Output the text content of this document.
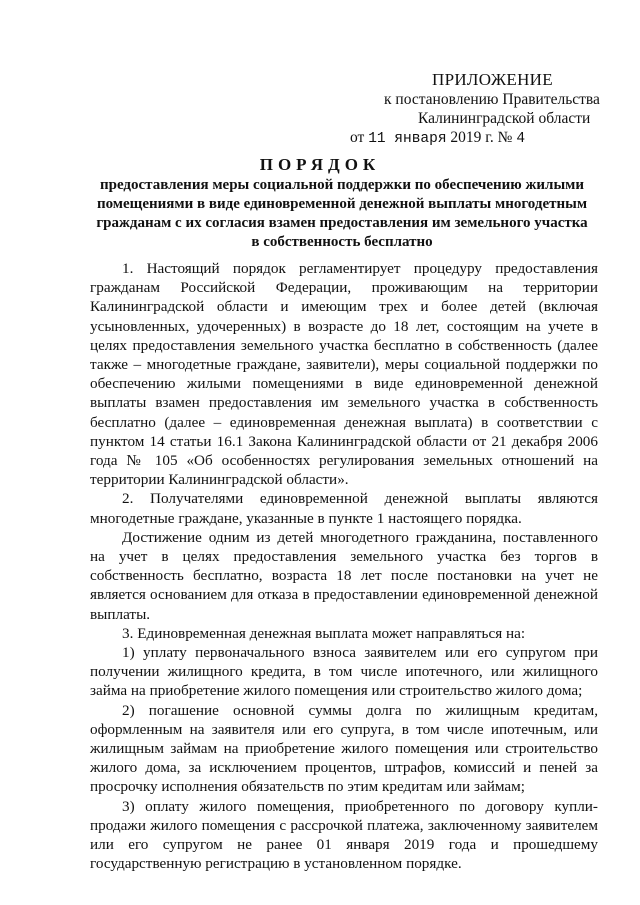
ПРИЛОЖЕНИЕ
к постановлению Правительства
Калининградской области
от 11 января 2019 г. № 4
ПОРЯДОК
предоставления меры социальной поддержки по обеспечению жилыми помещениями в виде единовременной денежной выплаты многодетным гражданам с их согласия взамен предоставления им земельного участка в собственность бесплатно

1. Настоящий порядок регламентирует процедуру предоставления гражданам Российской Федерации, проживающим на территории Калининградской области и имеющим трех и более детей (включая усыновленных, удочеренных) в возрасте до 18 лет, состоящим на учете в целях предоставления земельного участка бесплатно в собственность (далее также – многодетные граждане, заявители), меры социальной поддержки по обеспечению жилыми помещениями в виде единовременной денежной выплаты взамен предоставления им земельного участка в собственность бесплатно (далее – единовременная денежная выплата) в соответствии с пунктом 14 статьи 16.1 Закона Калининградской области от 21 декабря 2006 года № 105 «Об особенностях регулирования земельных отношений на территории Калининградской области».

2. Получателями единовременной денежной выплаты являются многодетные граждане, указанные в пункте 1 настоящего порядка.

Достижение одним из детей многодетного гражданина, поставленного на учет в целях предоставления земельного участка без торгов в собственность бесплатно, возраста 18 лет после постановки на учет не является основанием для отказа в предоставлении единовременной денежной выплаты.

3. Единовременная денежная выплата может направляться на:

1) уплату первоначального взноса заявителем или его супругом при получении жилищного кредита, в том числе ипотечного, или жилищного займа на приобретение жилого помещения или строительство жилого дома;

2) погашение основной суммы долга по жилищным кредитам, оформленным на заявителя или его супруга, в том числе ипотечным, или жилищным займам на приобретение жилого помещения или строительство жилого дома, за исключением процентов, штрафов, комиссий и пеней за просрочку исполнения обязательств по этим кредитам или займам;

3) оплату жилого помещения, приобретенного по договору купли-продажи жилого помещения с рассрочкой платежа, заключенному заявителем или его супругом не ранее 01 января 2019 года и прошедшему государственную регистрацию в установленном порядке.
